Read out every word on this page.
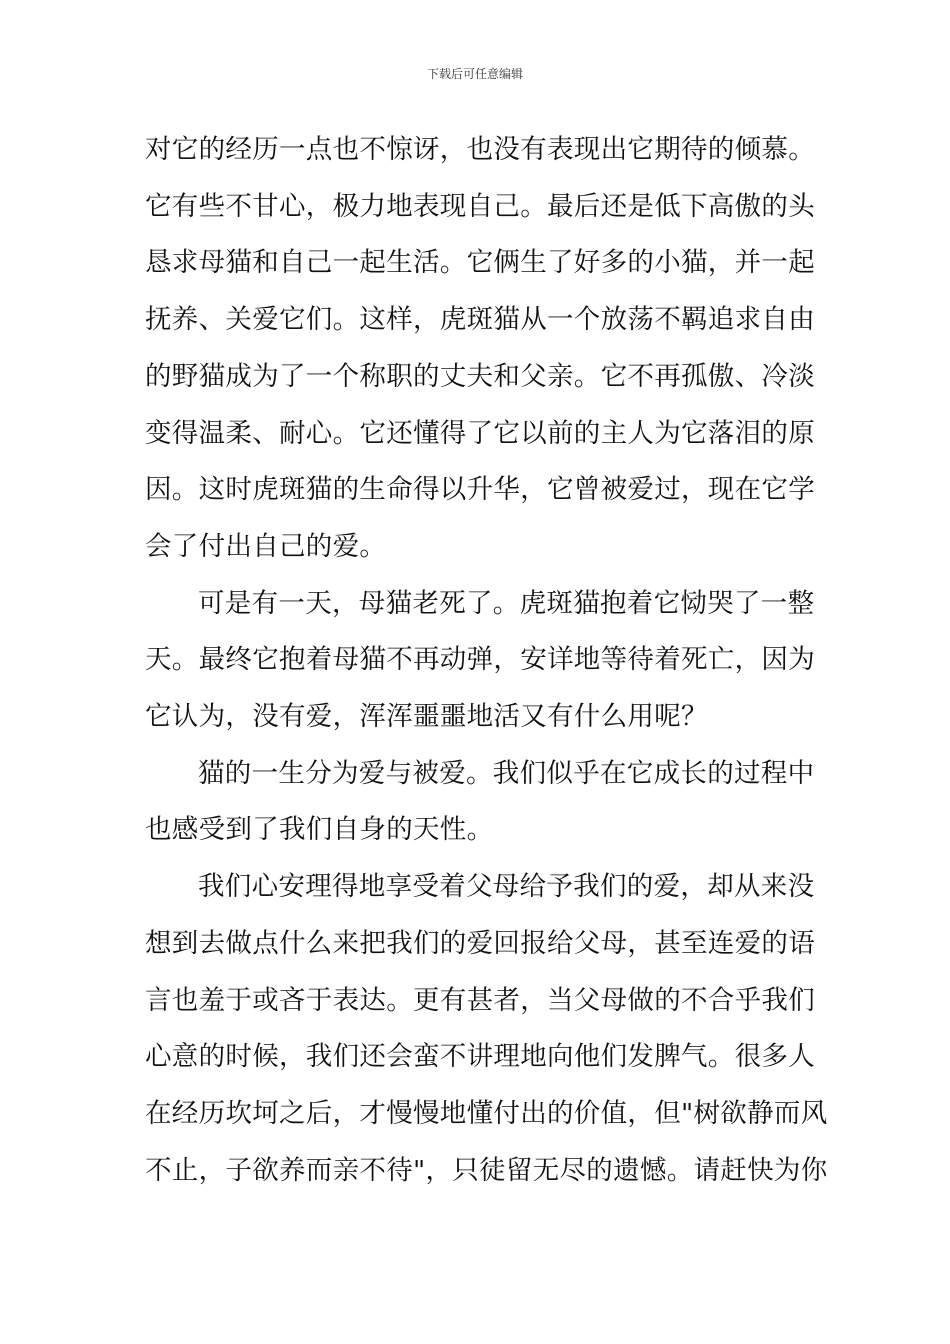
下载后可任意编辑

对它的经历一点也不惊讶，也没有表现出它期待的倾慕。

它有些不甘心，极力地表现自己。最后还是低下高傲的头

恳求母猫和自己一起生活。它俩生了好多的小猫，并一起

抚养、关爱它们。这样，虎斑猫从一个放荡不羁追求自由

的野猫成为了一个称职的丈夫和父亲。它不再孤傲、冷淡

变得温柔、耐心。它还懂得了它以前的主人为它落泪的原

因。这时虎斑猫的生命得以升华，它曾被爱过，现在它学

会了付出自己的爱。

可是有一天，母猫老死了。虎斑猫抱着它恸哭了一整

天。最终它抱着母猫不再动弹，安详地等待着死亡，因为

它认为，没有爱，浑浑噩噩地活又有什么用呢？

猫的一生分为爱与被爱。我们似乎在它成长的过程中

也感受到了我们自身的天性。

我们心安理得地享受着父母给予我们的爱，却从来没

想到去做点什么来把我们的爱回报给父母，甚至连爱的语

言也羞于或吝于表达。更有甚者，当父母做的不合乎我们

心意的时候，我们还会蛮不讲理地向他们发脾气。很多人

在经历坎坷之后，才慢慢地懂付出的价值，但"树欲静而风

不止，子欲养而亲不待"，只徒留无尽的遗憾。请赶快为你
